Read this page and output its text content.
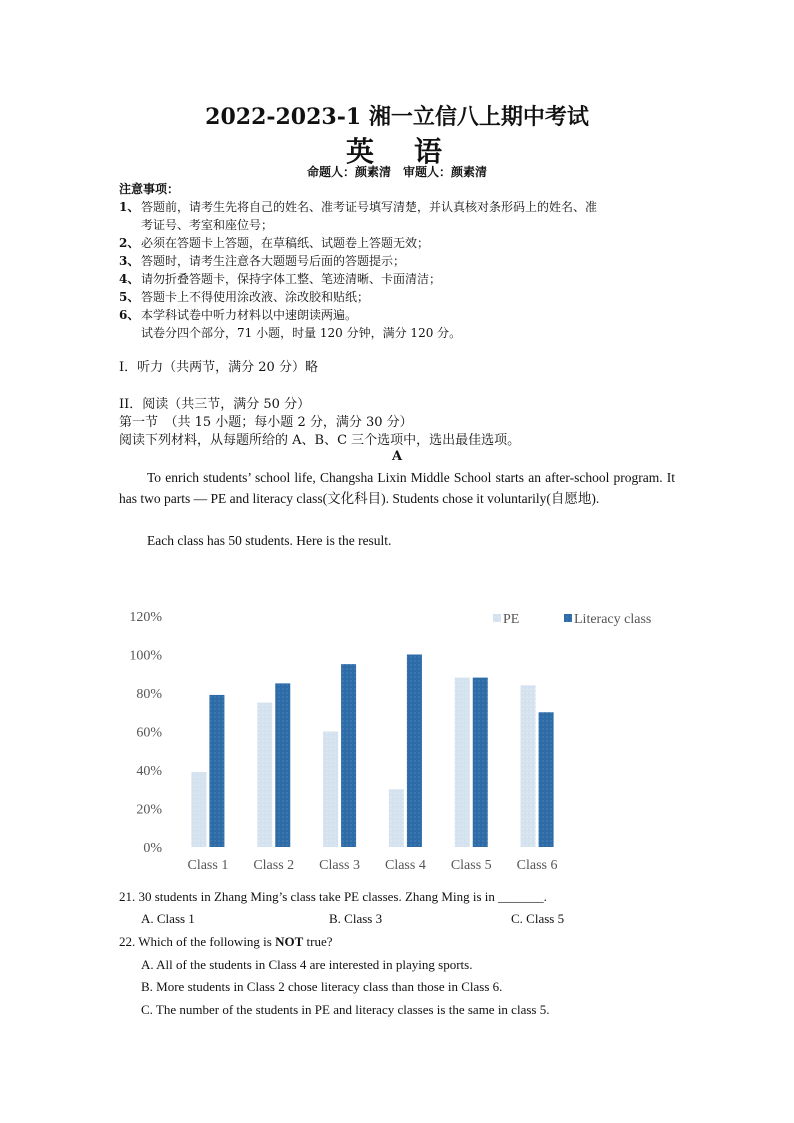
2022-2023-1 湘一立信八上期中考试
英　语
命题人：颜素清　审题人：颜素清
注意事项：
1、 答题前，请考生先将自己的姓名、准考证号填写清楚，并认真核对条形码上的姓名、准
考证号、考室和座位号；
2、 必须在答题卡上答题，在草稿纸、试题卷上答题无效；
3、 答题时，请考生注意各大题题号后面的答题提示；
4、 请勿折叠答题卡，保持字体工整、笔迹清晰、卡面清洁；
5、 答题卡上不得使用涂改液、涂改胶和贴纸；
6、 本学科试卷中听力材料以中速朗读两遍。
试卷分四个部分，71 小题，时量 120 分钟，满分 120 分。
I．听力（共两节，满分 20 分）略
II．阅读（共三节，满分 50 分）
第一节　（共 15 小题；每小题 2 分，满分 30 分）
阅读下列材料，从每题所给的 A、B、C 三个选项中，选出最佳选项。
A
To enrich students’ school life, Changsha Lixin Middle School starts an after-school program. It has two parts — PE and literacy class(文化科目). Students chose it voluntarily(自愿地).
Each class has 50 students. Here is the result.
0%
20%
40%
60%
80%
100%
120%
Class 1 Class 2 Class 3 Class 4 Class 5 Class 6
PE	Literacy class
21. 30 students in Zhang Ming’s class take PE classes. Zhang Ming is in _______.
A. Class 1	B. Class 3	C. Class 5
22. Which of the following is NOT true?
A. All of the students in Class 4 are interested in playing sports.
B. More students in Class 2 chose literacy class than those in Class 6.
C. The number of the students in PE and literacy classes is the same in class 5.
